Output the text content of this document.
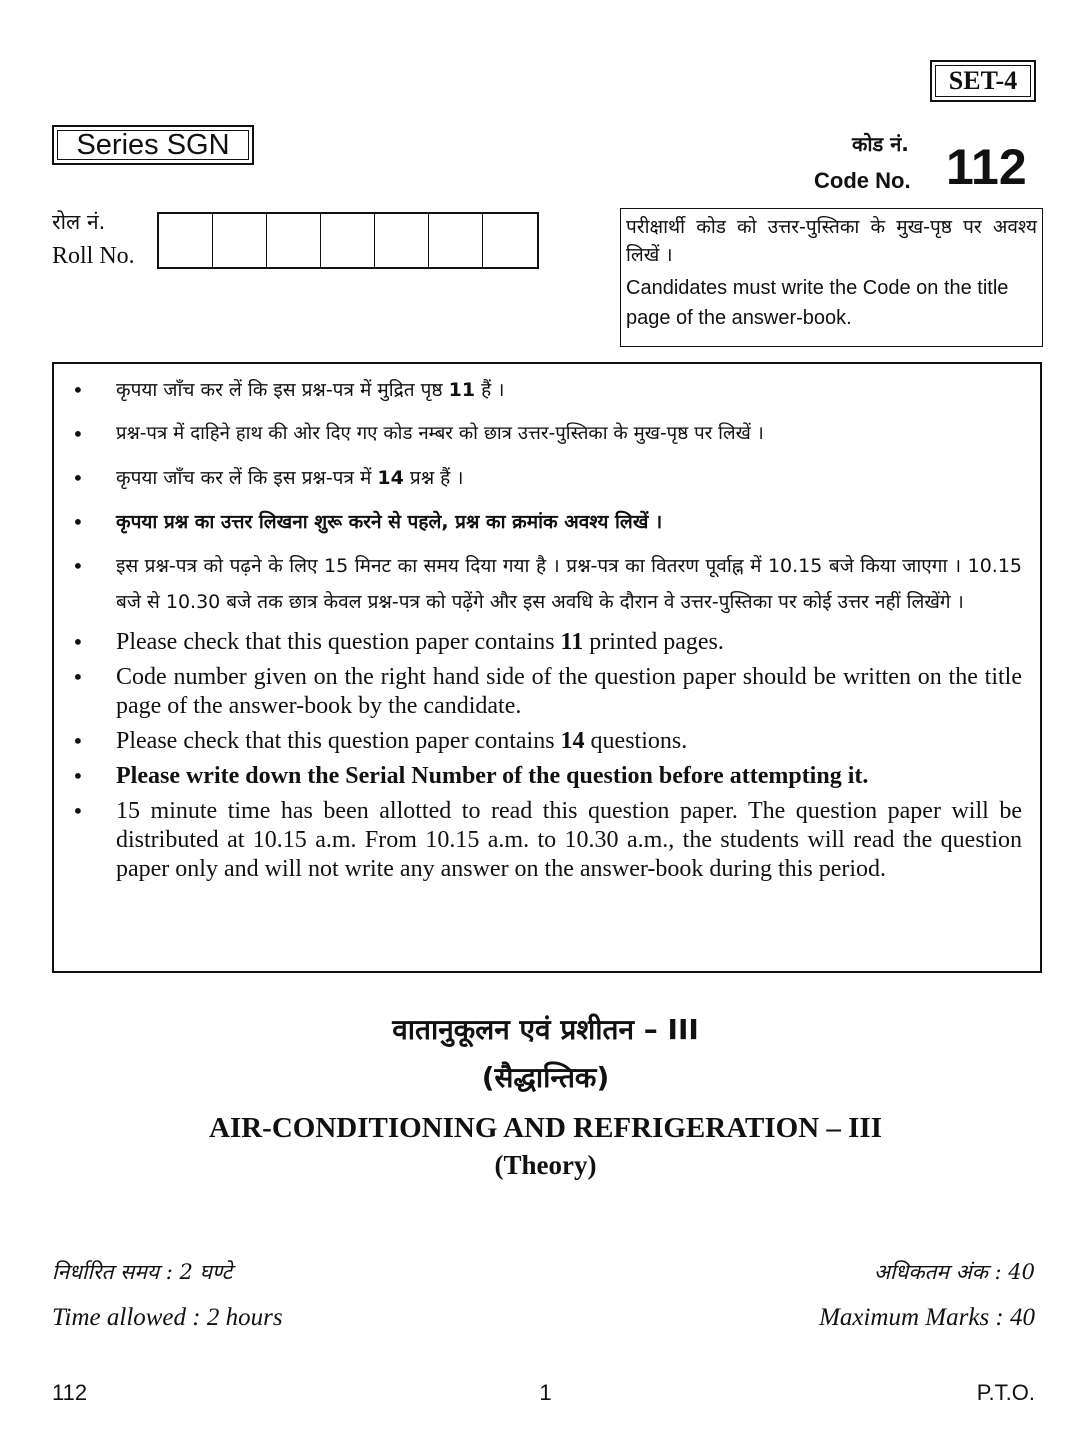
SET-4
Series SGN	कोड नं.
Code No. 112
रोल नं.
Roll No.
परीक्षार्थी कोड को उत्तर-पुस्तिका के मुख-पृष्ठ पर अवश्य लिखें ।
Candidates must write the Code on the title page of the answer-book.
•	कृपया जाँच कर लें कि इस प्रश्न-पत्र में मुद्रित पृष्ठ 11 हैं ।
•	प्रश्न-पत्र में दाहिने हाथ की ओर दिए गए कोड नम्बर को छात्र उत्तर-पुस्तिका के मुख-पृष्ठ पर लिखें ।
•	कृपया जाँच कर लें कि इस प्रश्न-पत्र में 14 प्रश्न हैं ।
•	कृपया प्रश्न का उत्तर लिखना शुरू करने से पहले, प्रश्न का क्रमांक अवश्य लिखें ।
•	इस प्रश्न-पत्र को पढ़ने के लिए 15 मिनट का समय दिया गया है । प्रश्न-पत्र का वितरण पूर्वाह्न में 10.15 बजे किया जाएगा । 10.15 बजे से 10.30 बजे तक छात्र केवल प्रश्न-पत्र को पढ़ेंगे और इस अवधि के दौरान वे उत्तर-पुस्तिका पर कोई उत्तर नहीं लिखेंगे ।
•	Please check that this question paper contains 11 printed pages.
•	Code number given on the right hand side of the question paper should be written on the title page of the answer-book by the candidate.
•	Please check that this question paper contains 14 questions.
•	Please write down the Serial Number of the question before attempting it.
•	15 minute time has been allotted to read this question paper. The question paper will be distributed at 10.15 a.m. From 10.15 a.m. to 10.30 a.m., the students will read the question paper only and will not write any answer on the answer-book during this period.
वातानुकूलन एवं प्रशीतन – III
(सैद्धान्तिक)
AIR-CONDITIONING AND REFRIGERATION – III
(Theory)
निर्धारित समय : 2 घण्टे
Time allowed : 2 hours
अधिकतम अंक : 40
Maximum Marks : 40
112	1	P.T.O.
